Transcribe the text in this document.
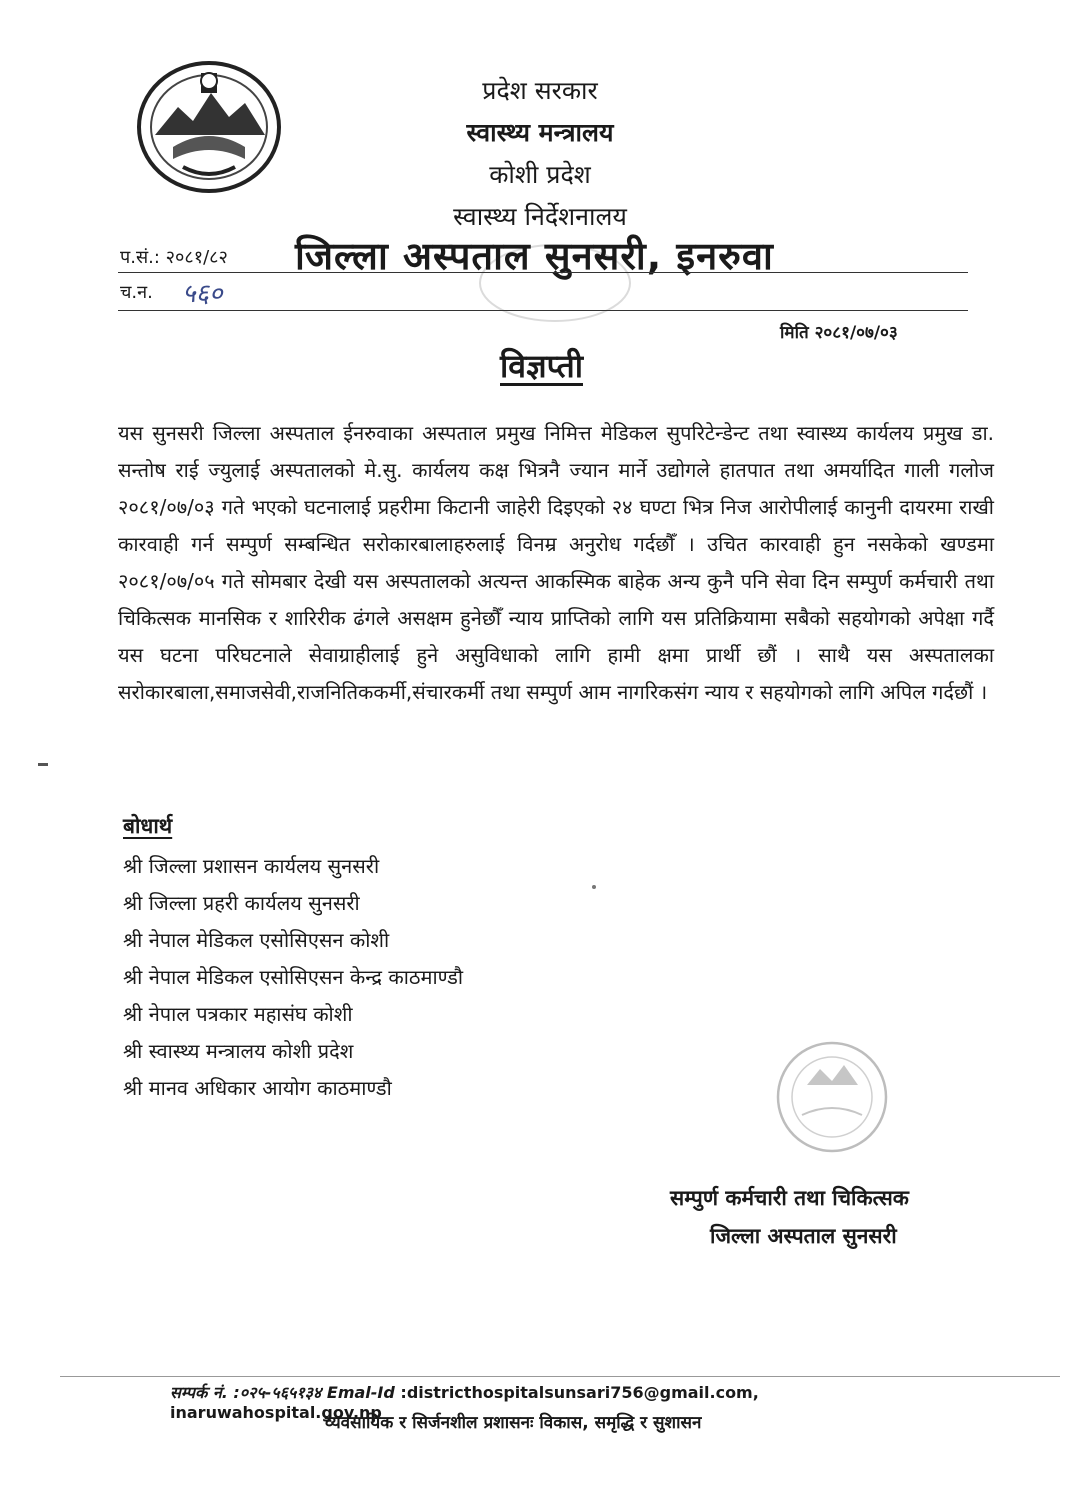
प्रदेश सरकार
स्वास्थ्य मन्त्रालय
कोशी प्रदेश
स्वास्थ्य निर्देशनालय
प.सं.: २०८१/८२ जिल्ला अस्पताल सुनसरी, इनरुवा
च.न. ५६०
मिति २०८१/०७/०३
विज्ञप्ती
यस सुनसरी जिल्ला अस्पताल ईनरुवाका अस्पताल प्रमुख निमित्त मेडिकल सुपरिटेन्डेन्ट तथा स्वास्थ्य कार्यलय प्रमुख डा. सन्तोष राई ज्युलाई अस्पतालको मे.सु. कार्यलय कक्ष भित्रनै ज्यान मार्ने उद्योगले हातपात तथा अमर्यादित गाली गलोज २०८१/०७/०३ गते भएको घटनालाई प्रहरीमा किटानी जाहेरी दिइएको २४ घण्टा भित्र निज आरोपीलाई कानुनी दायरमा राखी कारवाही गर्न सम्पुर्ण सम्बन्धित सरोकारबालाहरुलाई विनम्र अनुरोध गर्दछौँ । उचित कारवाही हुन नसकेको खण्डमा २०८१/०७/०५ गते सोमबार देखी यस अस्पतालको अत्यन्त आकस्मिक बाहेक अन्य कुनै पनि सेवा दिन सम्पुर्ण कर्मचारी तथा चिकित्सक मानसिक र शारिरीक ढंगले असक्षम हुनेछौँ न्याय प्राप्तिको लागि यस प्रतिक्रियामा सबैको सहयोगको अपेक्षा गर्दै यस घटना परिघटनाले सेवाग्राहीलाई हुने असुविधाको लागि हामी क्षमा प्रार्थी छौं । साथै यस अस्पतालका सरोकारबाला,समाजसेवी,राजनितिककर्मी,संचारकर्मी तथा सम्पुर्ण आम नागरिकसंग न्याय र सहयोगको लागि अपिल गर्दछौं ।
बोधार्थ
श्री जिल्ला प्रशासन कार्यलय सुनसरी
श्री जिल्ला प्रहरी कार्यलय सुनसरी
श्री नेपाल मेडिकल एसोसिएसन कोशी
श्री नेपाल मेडिकल एसोसिएसन केन्द्र काठमाण्डौ
श्री नेपाल पत्रकार महासंघ कोशी
श्री स्वास्थ्य मन्त्रालय कोशी प्रदेश
श्री मानव अधिकार आयोग काठमाण्डौ
सम्पुर्ण कर्मचारी तथा चिकित्सक
जिल्ला अस्पताल सुनसरी
सम्पर्क नं. :०२५-५६५१३४ Emal-Id :districthospitalsunsari756@gmail.com, inaruwahospital.gov.np
व्यवसायिक र सिर्जनशील प्रशासनः विकास, समृद्धि र सुशासन
